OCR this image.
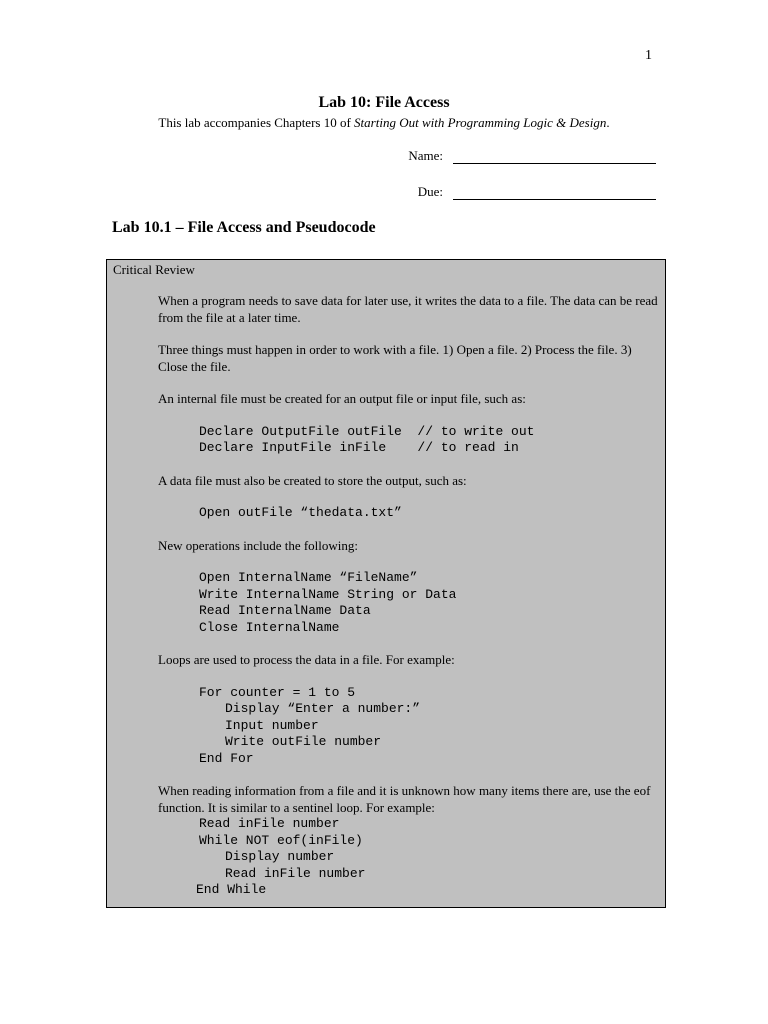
1
Lab 10: File Access
This lab accompanies Chapters 10 of Starting Out with Programming Logic & Design.
Name:
Due:
Lab 10.1 – File Access and Pseudocode
Critical Review

When a program needs to save data for later use, it writes the data to a file. The data can be read from the file at a later time.

Three things must happen in order to work with a file. 1) Open a file. 2) Process the file. 3) Close the file.

An internal file must be created for an output file or input file, such as:

Declare OutputFile outFile  // to write out
Declare InputFile inFile    // to read in

A data file must also be created to store the output, such as:

Open outFile “thedata.txt”

New operations include the following:

Open InternalName “FileName”
Write InternalName String or Data
Read InternalName Data
Close InternalName

Loops are used to process the data in a file. For example:

For counter = 1 to 5
Display “Enter a number:”
Input number
Write outFile number
End For

When reading information from a file and it is unknown how many items there are, use the eof function. It is similar to a sentinel loop. For example:

Read inFile number
While NOT eof(inFile)
Display number
Read inFile number
End While
